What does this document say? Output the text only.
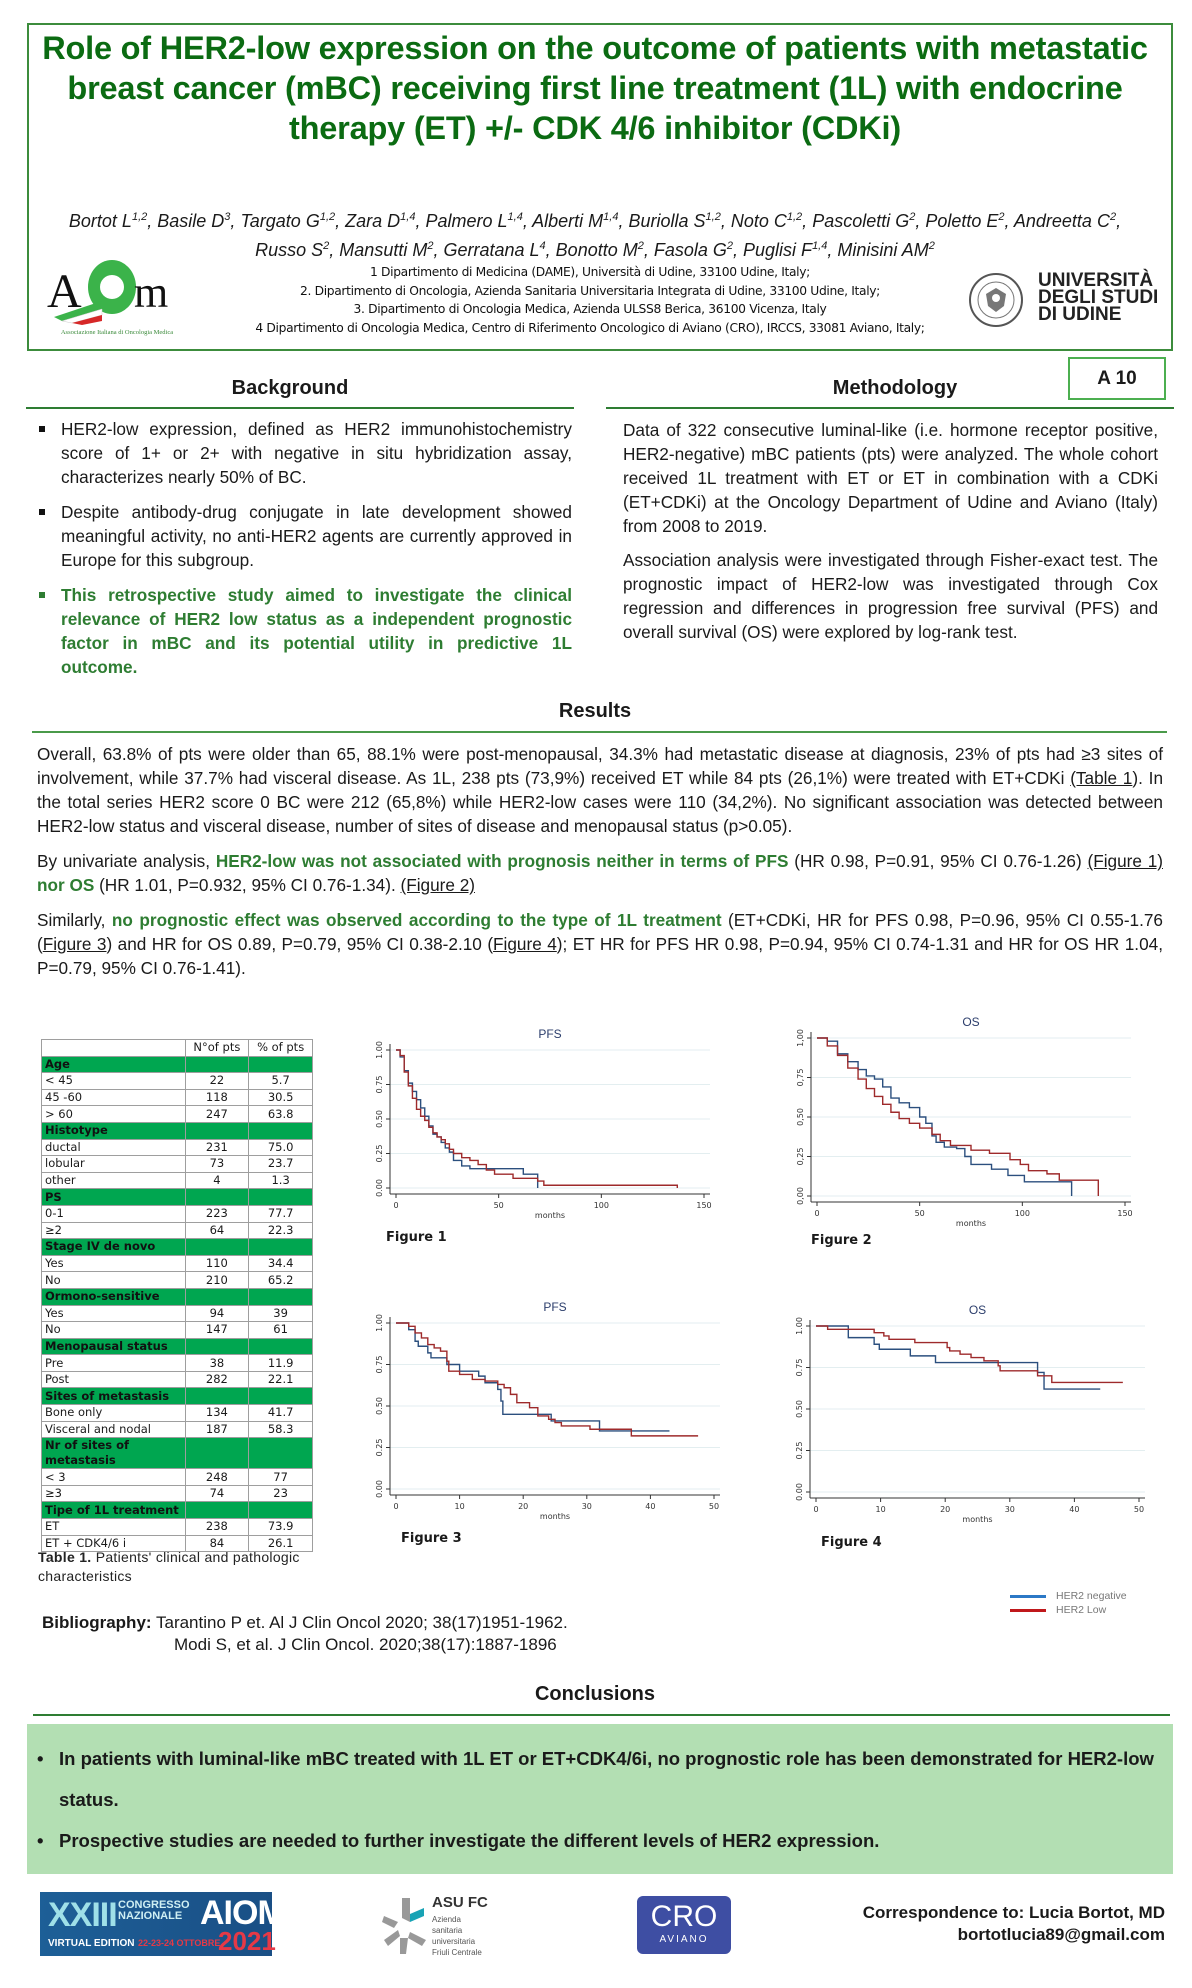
Role of HER2-low expression on the outcome of patients with metastatic breast cancer (mBC) receiving first line treatment (1L) with endocrine therapy (ET) +/- CDK 4/6 inhibitor (CDKi)
Bortot L$^{1,2}$, Basile $D^3$, Targato G$^{1,2}$, Zara D$^{1,4}$, Palmero L$^{1,4}$, Alberti M$^{1,4}$, Buriolla S$^{1,2}$, Noto C$^{1,2}$, Pascoletti $G^2$, Poletto $E^2$, Andreetta $C^2$, Russo $S^2$, Mansutti $M^2$, Gerratana $L^4$, Bonotto $M^2$, Fasola $G^2$, Puglisi F$^{1,4}$, Minisini $AM^2$
A m
Associazione Italiana di Oncologia Medica
1 Dipartimento di Medicina (DAME), Università di Udine, 33100 Udine, Italy;
2. Dipartimento di Oncologia, Azienda Sanitaria Universitaria Integrata di Udine, 33100 Udine, Italy;
3. Dipartimento di Oncologia Medica, Azienda ULSS8 Berica, 36100 Vicenza, Italy
4 Dipartimento di Oncologia Medica, Centro di Riferimento Oncologico di Aviano (CRO), IRCCS, 33081 Aviano, Italy;
UNIVERSITÀ
DEGLI STUDI
DI UDINE
A 10
Background
HER2-low expression, defined as HER2 immunohistochemistry score of 1+ or 2+ with negative in situ hybridization assay, characterizes nearly 50% of BC.
Despite antibody-drug conjugate in late development showed meaningful activity, no anti-HER2 agents are currently approved in Europe for this subgroup.
This retrospective study aimed to investigate the clinical relevance of HER2 low status as a independent prognostic factor in mBC and its potential utility in predictive 1L outcome.
Methodology

Data of 322 consecutive luminal-like (i.e. hormone receptor positive, HER2-negative) mBC patients (pts) were analyzed. The whole cohort received 1L treatment with ET or ET in combination with a CDKi (ET+CDKi) at the Oncology Department of Udine and Aviano (Italy) from 2008 to 2019.

Association analysis were investigated through Fisher-exact test. The prognostic impact of HER2-low was investigated through Cox regression and differences in progression free survival (PFS) and overall survival (OS) were explored by log-rank test.

Results

Overall, 63.8% of pts were older than 65, 88.1% were post-menopausal, 34.3% had metastatic disease at diagnosis, 23% of pts had ≥3 sites of involvement, while 37.7% had visceral disease. As 1L, 238 pts (73,9%) received ET while 84 pts (26,1%) were treated with ET+CDKi (Table 1). In the total series HER2 score 0 BC were 212 (65,8%) while HER2-low cases were 110 (34,2%). No significant association was detected between HER2-low status and visceral disease, number of sites of disease and menopausal status (p>0.05).

By univariate analysis, HER2-low was not associated with prognosis neither in terms of PFS (HR 0.98, P=0.91, 95% CI 0.76-1.26) (Figure 1) nor OS (HR 1.01, P=0.932, 95% CI 0.76-1.34). (Figure 2)

Similarly, no prognostic effect was observed according to the type of 1L treatment (ET+CDKi, HR for PFS 0.98, P=0.96, 95% CI 0.55-1.76 (Figure 3) and HR for OS 0.89, P=0.79, 95% CI 0.38-2.10 (Figure 4); ET HR for PFS HR 0.98, P=0.94, 95% CI 0.74-1.31 and HR for OS HR 1.04, P=0.79, 95% CI 0.76-1.41).

	N°of pts	% of pts
Age		
< 45	22	5.7
45 -60	118	30.5
> 60	247	63.8
Histotype		
ductal	231	75.0
lobular	73	23.7
other	4	1.3
PS		
0-1	223	77.7
≥2	64	22.3
Stage IV de novo		
Yes	110	34.4
No	210	65.2
Ormono-sensitive		
Yes	94	39
No	147	61
Menopausal status		
Pre	38	11.9
Post	282	22.1
Sites of metastasis		
Bone only	134	41.7
Visceral and nodal	187	58.3
Nr of sites of metastasis		
< 3	248	77
≥3	74	23
Tipe of 1L treatment		
ET	238	73.9
ET + CDK4/6 i	84	26.1
Table 1. Patients' clinical and pathologic characteristics
PFS
0.00
0.25
0.50
0.75
1.00
0	50	100	150
months
OS
0,00
0,25
0,50
0,75
1,00
0	50	100	150
months
PFS
0.00
0.25
0.50
0.75
1.00
0	10	20	30	40	50
months
OS
0.00
0.25
0.50
0.75
1.00
0	10	20	30	40	50
months
Figure 1	Figure 2
Figure 3	Figure 4
HER2 negative
HER2 Low
Bibliography: Tarantino P et. Al J Clin Oncol 2020; 38(17)1951-1962.
Modi S, et al. J Clin Oncol. 2020;38(17):1887-1896
Conclusions
• In patients with luminal-like mBC treated with 1L ET or ET+CDK4/6i, no prognostic role has been demonstrated for HER2-low status.
• Prospective studies are needed to further investigate the different levels of HER2 expression.
XXIII CONGRESSO
NAZIONALE AIOM
VIRTUAL EDITION 22-23-24 OTTOBRE
2021
ASU FC
Azienda sanitaria
universitaria
Friuli Centrale
CRO
AVIANO
Correspondence to: Lucia Bortot, MD
bortotlucia89@gmail.com
